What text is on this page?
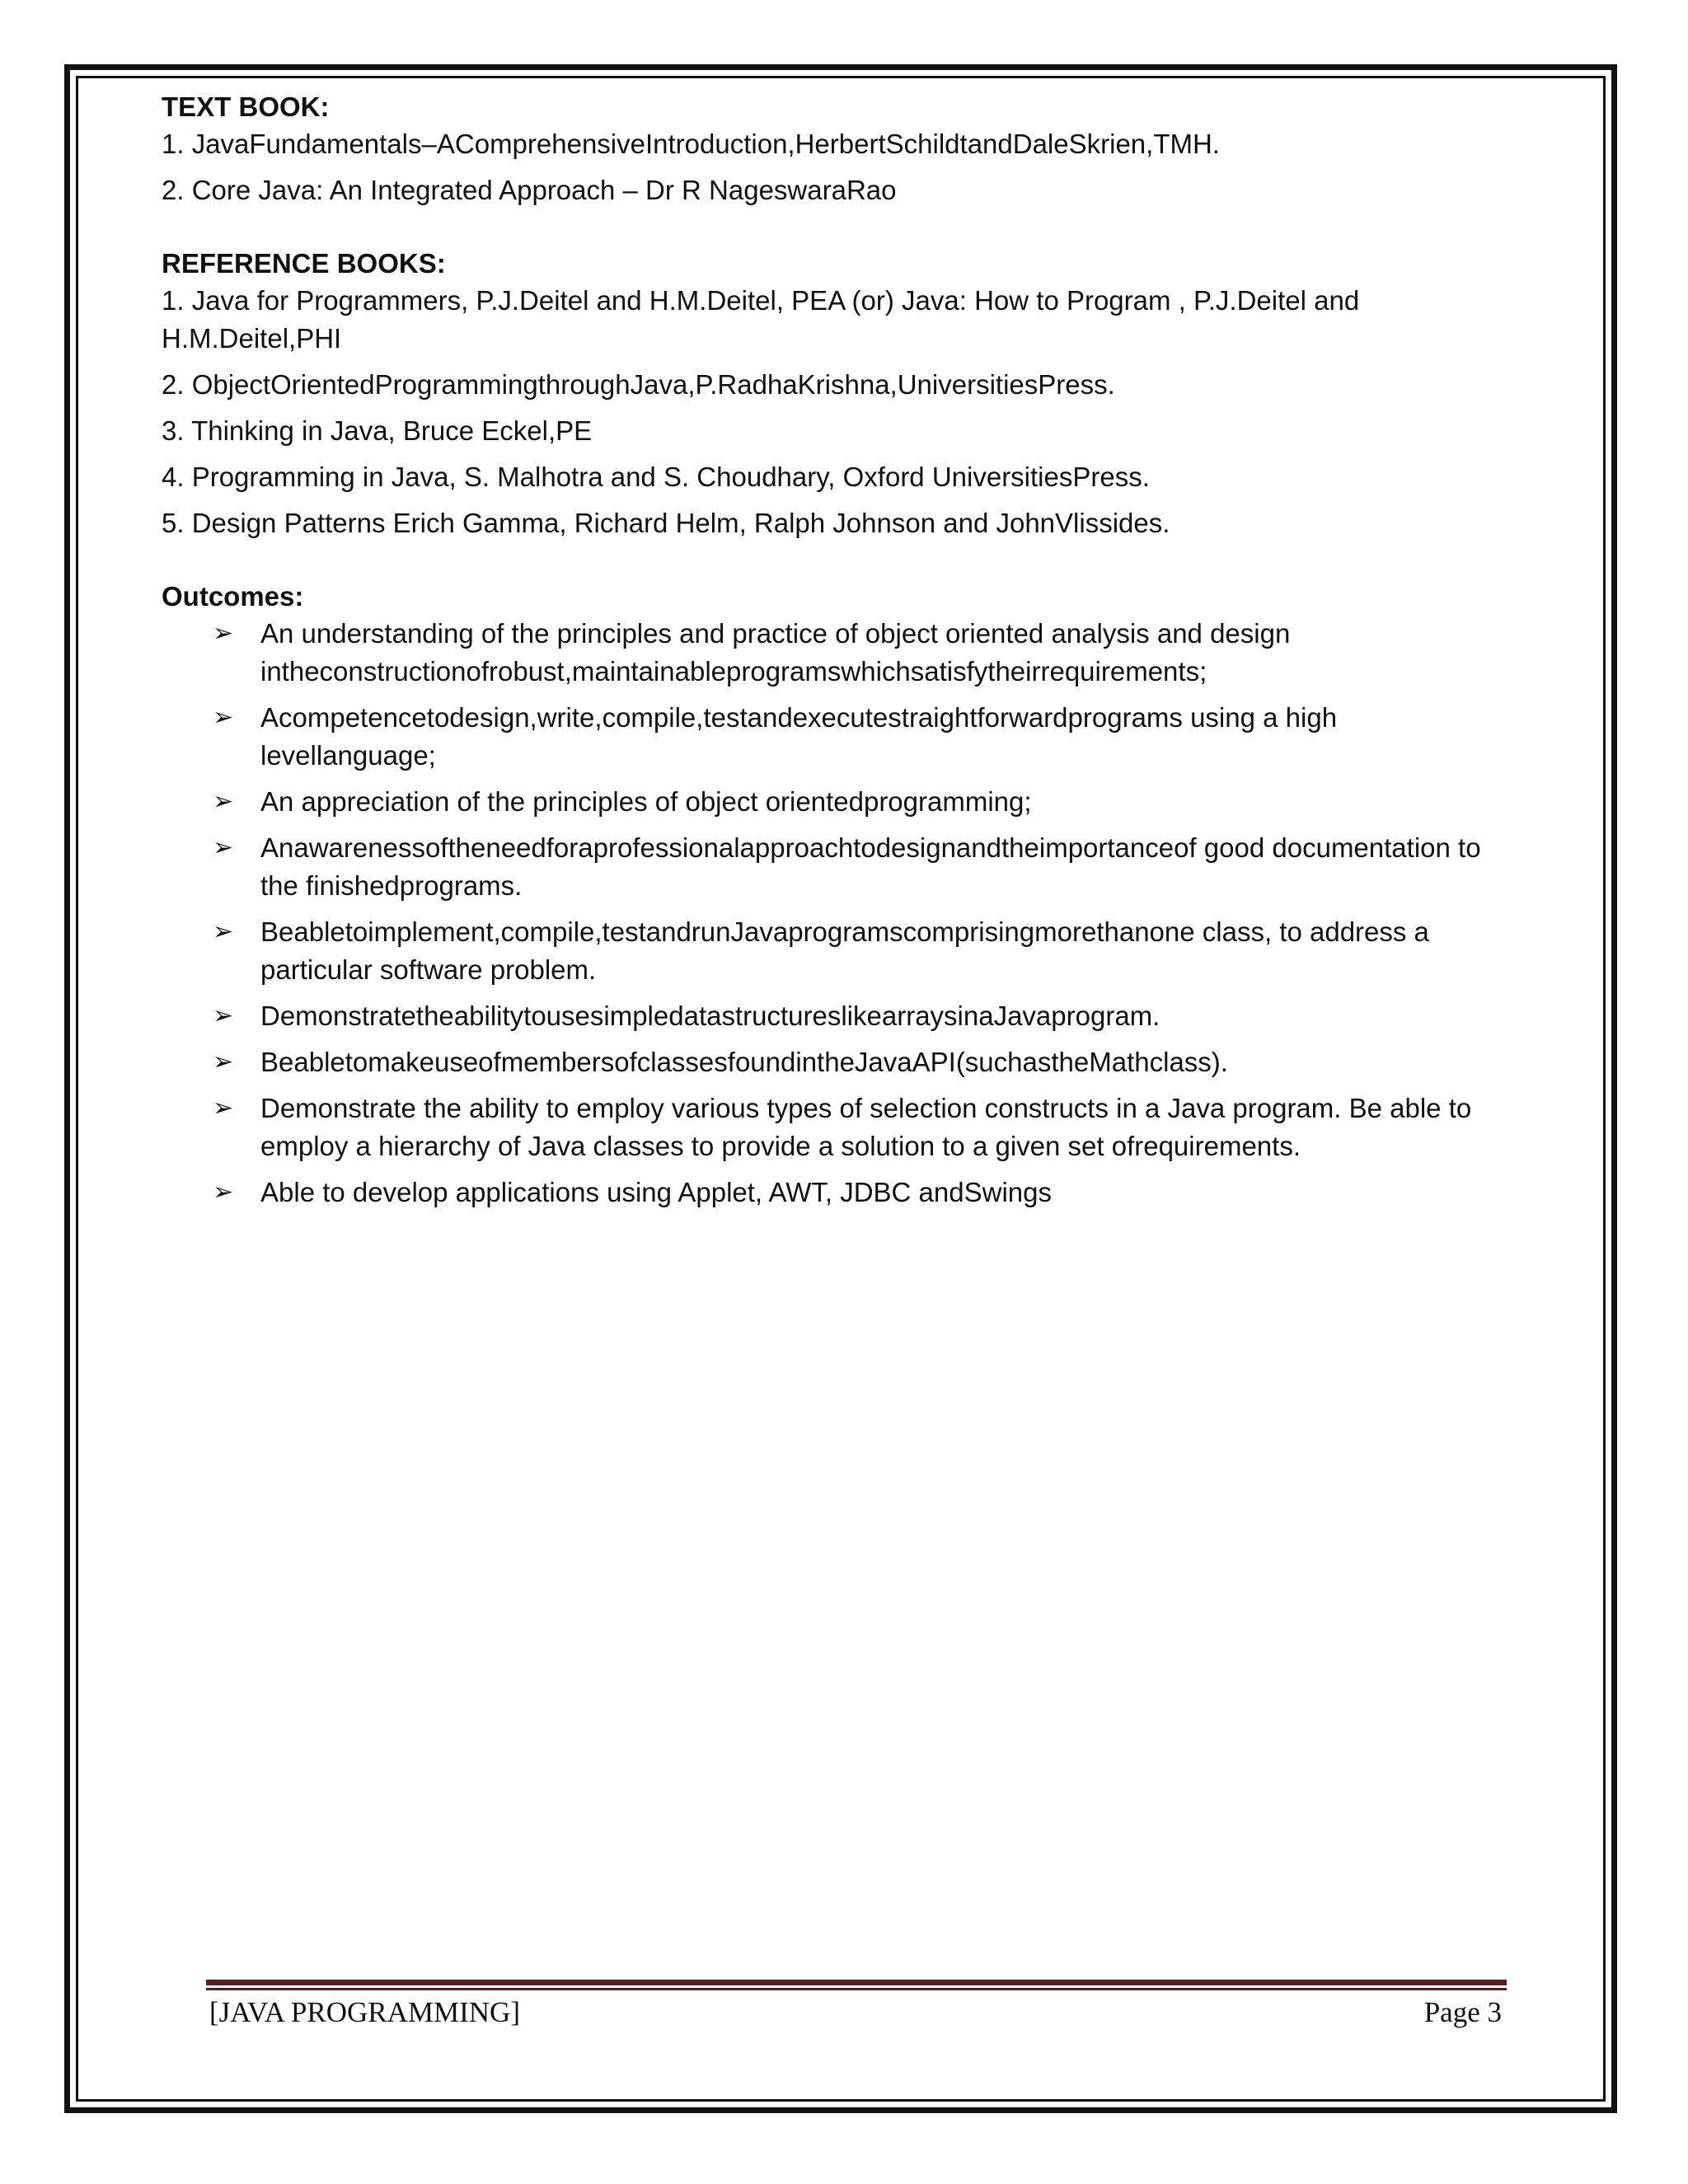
TEXT BOOK:

1. JavaFundamentals–AComprehensiveIntroduction,HerbertSchildtandDaleSkrien,TMH.

2. Core Java: An Integrated Approach – Dr R NageswaraRao

REFERENCE BOOKS:

1. Java for Programmers, P.J.Deitel and H.M.Deitel, PEA (or) Java: How to Program , P.J.Deitel and H.M.Deitel,PHI

2. ObjectOrientedProgrammingthroughJava,P.RadhaKrishna,UniversitiesPress.

3. Thinking in Java, Bruce Eckel,PE

4. Programming in Java, S. Malhotra and S. Choudhary, Oxford UniversitiesPress.

5. Design Patterns Erich Gamma, Richard Helm, Ralph Johnson and JohnVlissides.

Outcomes:

➢ An understanding of the principles and practice of object oriented analysis and design intheconstructionofrobust,maintainableprogramswhichsatisfytheirrequirements;
➢ Acompetencetodesign,write,compile,testandexecutestraightforwardprograms using a high levellanguage;
➢ An appreciation of the principles of object orientedprogramming;
➢ Anawarenessoftheneedforaprofessionalapproachtodesignandtheimportanceof good documentation to the finishedprograms.
➢ Beabletoimplement,compile,testandrunJavaprogramscomprisingmorethanone class, to address a particular software problem.
➢ DemonstratetheabilitytousesimpledatastructureslikearraysinaJavaprogram.
➢ BeabletomakeuseofmembersofclassesfoundintheJavaAPI(suchastheMathclass).
➢ Demonstrate the ability to employ various types of selection constructs in a Java program. Be able to employ a hierarchy of Java classes to provide a solution to a given set ofrequirements.
➢ Able to develop applications using Applet, AWT, JDBC andSwings
[JAVA PROGRAMMING]	Page 3
